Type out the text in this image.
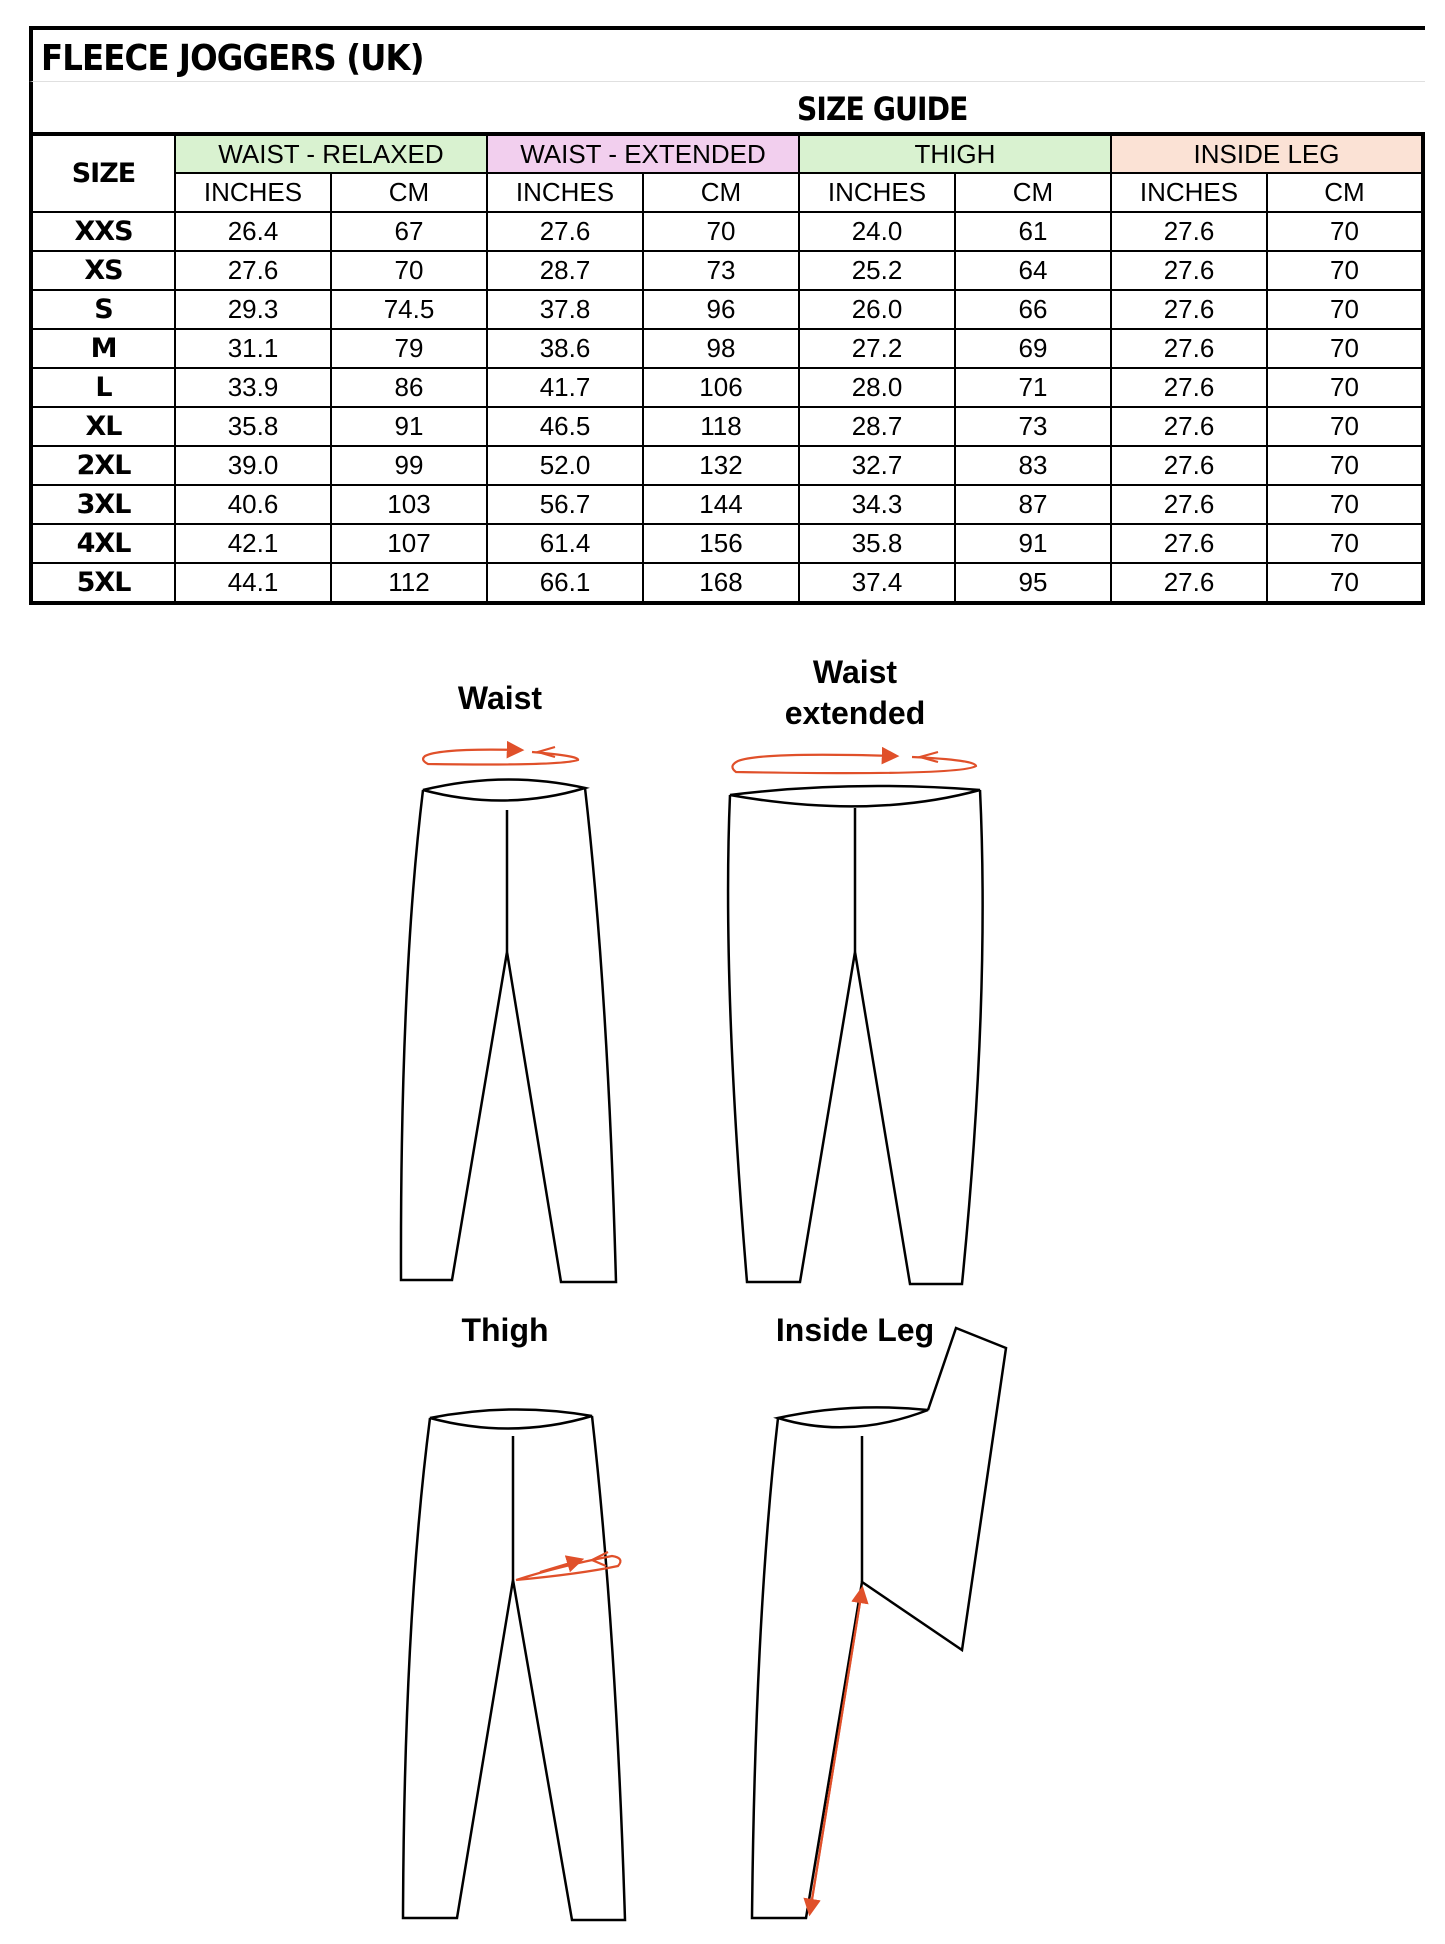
FLEECE JOGGERS (UK)
SIZE GUIDE
SIZE	WAIST - RELAXED		WAIST - EXTENDED		THIGH		INSIDE LEG	
	INCHES	CM	INCHES	CM	INCHES	CM	INCHES	CM
XXS	26.4	67	27.6	70	24.0	61	27.6	70
XS	27.6	70	28.7	73	25.2	64	27.6	70
S	29.3	74.5	37.8	96	26.0	66	27.6	70
M	31.1	79	38.6	98	27.2	69	27.6	70
L	33.9	86	41.7	106	28.0	71	27.6	70
XL	35.8	91	46.5	118	28.7	73	27.6	70
2XL	39.0	99	52.0	132	32.7	83	27.6	70
3XL	40.6	103	56.7	144	34.3	87	27.6	70
4XL	42.1	107	61.4	156	35.8	91	27.6	70
5XL	44.1	112	66.1	168	37.4	95	27.6	70
Waist
Waist
extended
Thigh	Inside Leg
